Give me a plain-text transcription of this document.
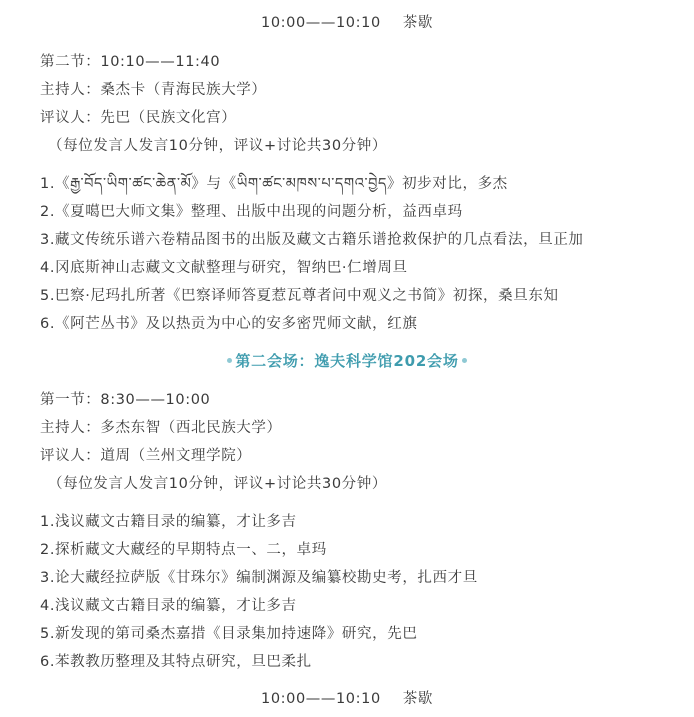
10:00——10:10 茶歇
第二节：10:10——11:40
主持人：桑杰卡（青海民族大学）
评议人：先巴（民族文化宫）
（每位发言人发言10分钟，评议+讨论共30分钟）
1.《རྒྱ་བོད་ཡིག་ཚང་ཆེན་མོ》与《ཡིག་ཚང་མཁས་པ་དགའ་བྱེད》初步对比，多杰
2.《夏噶巴大师文集》整理、出版中出现的问题分析，益西卓玛
3.藏文传统乐谱六卷精品图书的出版及藏文古籍乐谱抢救保护的几点看法，旦正加
4.冈底斯神山志藏文文献整理与研究，智纳巴·仁增周旦
5.巴察·尼玛扎所著《巴察译师答夏惹瓦尊者问中观义之书简》初探，桑旦东知
6.《阿芒丛书》及以热贡为中心的安多密咒师文献，红旗
第二会场：逸夫科学馆202会场
第一节：8:30——10:00
主持人：多杰东智（西北民族大学）
评议人：道周（兰州文理学院）
（每位发言人发言10分钟，评议+讨论共30分钟）
1.浅议藏文古籍目录的编纂，才让多吉
2.探析藏文大藏经的早期特点一、二，卓玛
3.论大藏经拉萨版《甘珠尔》编制渊源及编纂校勘史考，扎西才旦
4.浅议藏文古籍目录的编纂，才让多吉
5.新发现的第司桑杰嘉措《目录集加持速降》研究，先巴
6.苯教教历整理及其特点研究，旦巴柔扎
10:00——10:10 茶歇
